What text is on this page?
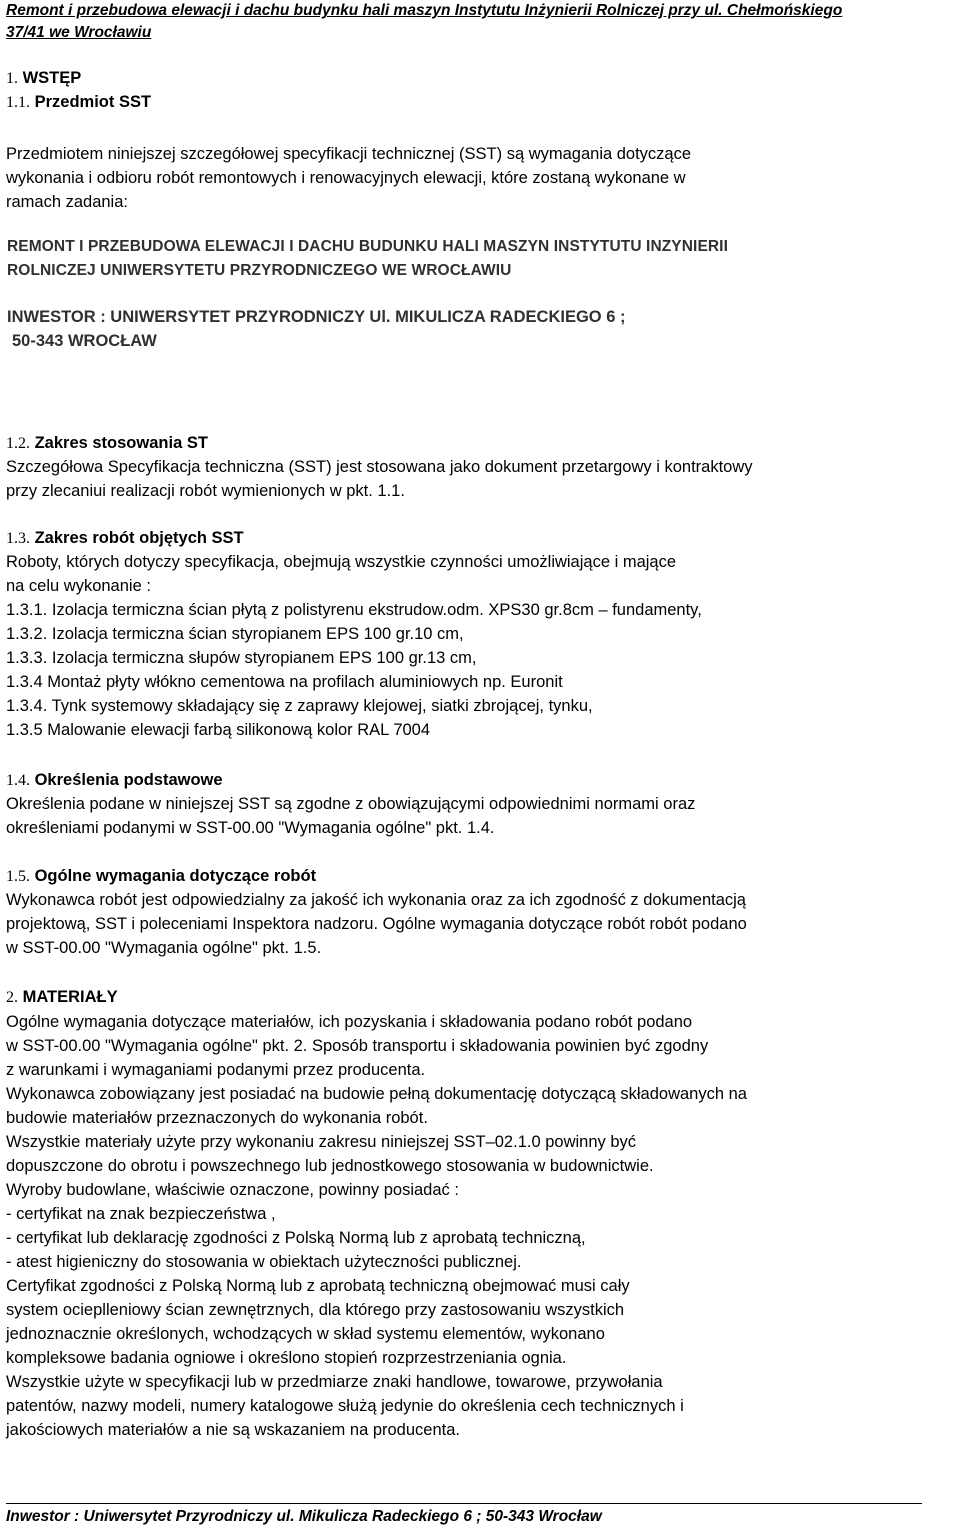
Remont i przebudowa elewacji i dachu budynku hali maszyn Instytutu Inżynierii Rolniczej przy ul. Chełmońskiego
37/41 we Wrocławiu
1. WSTĘP
1.1. Przedmiot SST
Przedmiotem niniejszej szczegółowej specyfikacji technicznej (SST) są wymagania dotyczące
wykonania i odbioru robót remontowych i renowacyjnych elewacji, które zostaną wykonane w
ramach zadania:
REMONT I PRZEBUDOWA ELEWACJI I DACHU BUDUNKU HALI MASZYN INSTYTUTU INZYNIERII
ROLNICZEJ UNIWERSYTETU PRZYRODNICZEGO WE WROCŁAWIU
INWESTOR : UNIWERSYTET PRZYRODNICZY Ul. MIKULICZA RADECKIEGO 6 ;
50-343 WROCŁAW
1.2. Zakres stosowania ST
Szczegółowa Specyfikacja techniczna (SST) jest stosowana jako dokument przetargowy i kontraktowy
przy zlecaniui realizacji robót wymienionych w pkt. 1.1.
1.3. Zakres robót objętych SST
Roboty, których dotyczy specyfikacja, obejmują wszystkie czynności umożliwiające i mające
na celu wykonanie :
1.3.1. Izolacja termiczna ścian płytą z polistyrenu ekstrudow.odm. XPS30 gr.8cm – fundamenty,
1.3.2. Izolacja termiczna ścian styropianem EPS 100 gr.10 cm,
1.3.3. Izolacja termiczna słupów styropianem EPS 100 gr.13 cm,
1.3.4 Montaż płyty włókno cementowa na profilach aluminiowych np. Euronit
1.3.4. Tynk systemowy składający się z zaprawy klejowej, siatki zbrojącej, tynku,
1.3.5 Malowanie elewacji farbą silikonową kolor RAL 7004
1.4. Określenia podstawowe
Określenia podane w niniejszej SST są zgodne z obowiązującymi odpowiednimi normami oraz
określeniami podanymi w SST-00.00 "Wymagania ogólne" pkt. 1.4.
1.5. Ogólne wymagania dotyczące robót
Wykonawca robót jest odpowiedzialny za jakość ich wykonania oraz za ich zgodność z dokumentacją
projektową, SST i poleceniami Inspektora nadzoru. Ogólne wymagania dotyczące robót robót podano
w SST-00.00 "Wymagania ogólne" pkt. 1.5.
2. MATERIAŁY
Ogólne wymagania dotyczące materiałów, ich pozyskania i składowania podano robót podano
w SST-00.00 "Wymagania ogólne" pkt. 2. Sposób transportu i składowania powinien być zgodny
z warunkami i wymaganiami podanymi przez producenta.
Wykonawca zobowiązany jest posiadać na budowie pełną dokumentację dotyczącą składowanych na
budowie materiałów przeznaczonych do wykonania robót.
Wszystkie materiały użyte przy wykonaniu zakresu niniejszej SST–02.1.0 powinny być
dopuszczone do obrotu i powszechnego lub jednostkowego stosowania w budownictwie.
Wyroby budowlane, właściwie oznaczone, powinny posiadać :
- certyfikat na znak bezpieczeństwa ,
- certyfikat lub deklarację zgodności z Polską Normą lub z aprobatą techniczną,
- atest higieniczny do stosowania w obiektach użyteczności publicznej.
Certyfikat zgodności z Polską Normą lub z aprobatą techniczną obejmować musi cały
system ocieplleniowy ścian zewnętrznych, dla którego przy zastosowaniu wszystkich
jednoznacznie określonych, wchodzących w skład systemu elementów, wykonano
kompleksowe badania ogniowe i określono stopień rozprzestrzeniania ognia.
Wszystkie użyte w specyfikacji lub w przedmiarze znaki handlowe, towarowe, przywołania
patentów, nazwy modeli, numery katalogowe służą jedynie do określenia cech technicznych i
jakościowych materiałów a nie są wskazaniem na producenta.
Inwestor : Uniwersytet Przyrodniczy ul. Mikulicza Radeckiego 6 ; 50-343 Wrocław
